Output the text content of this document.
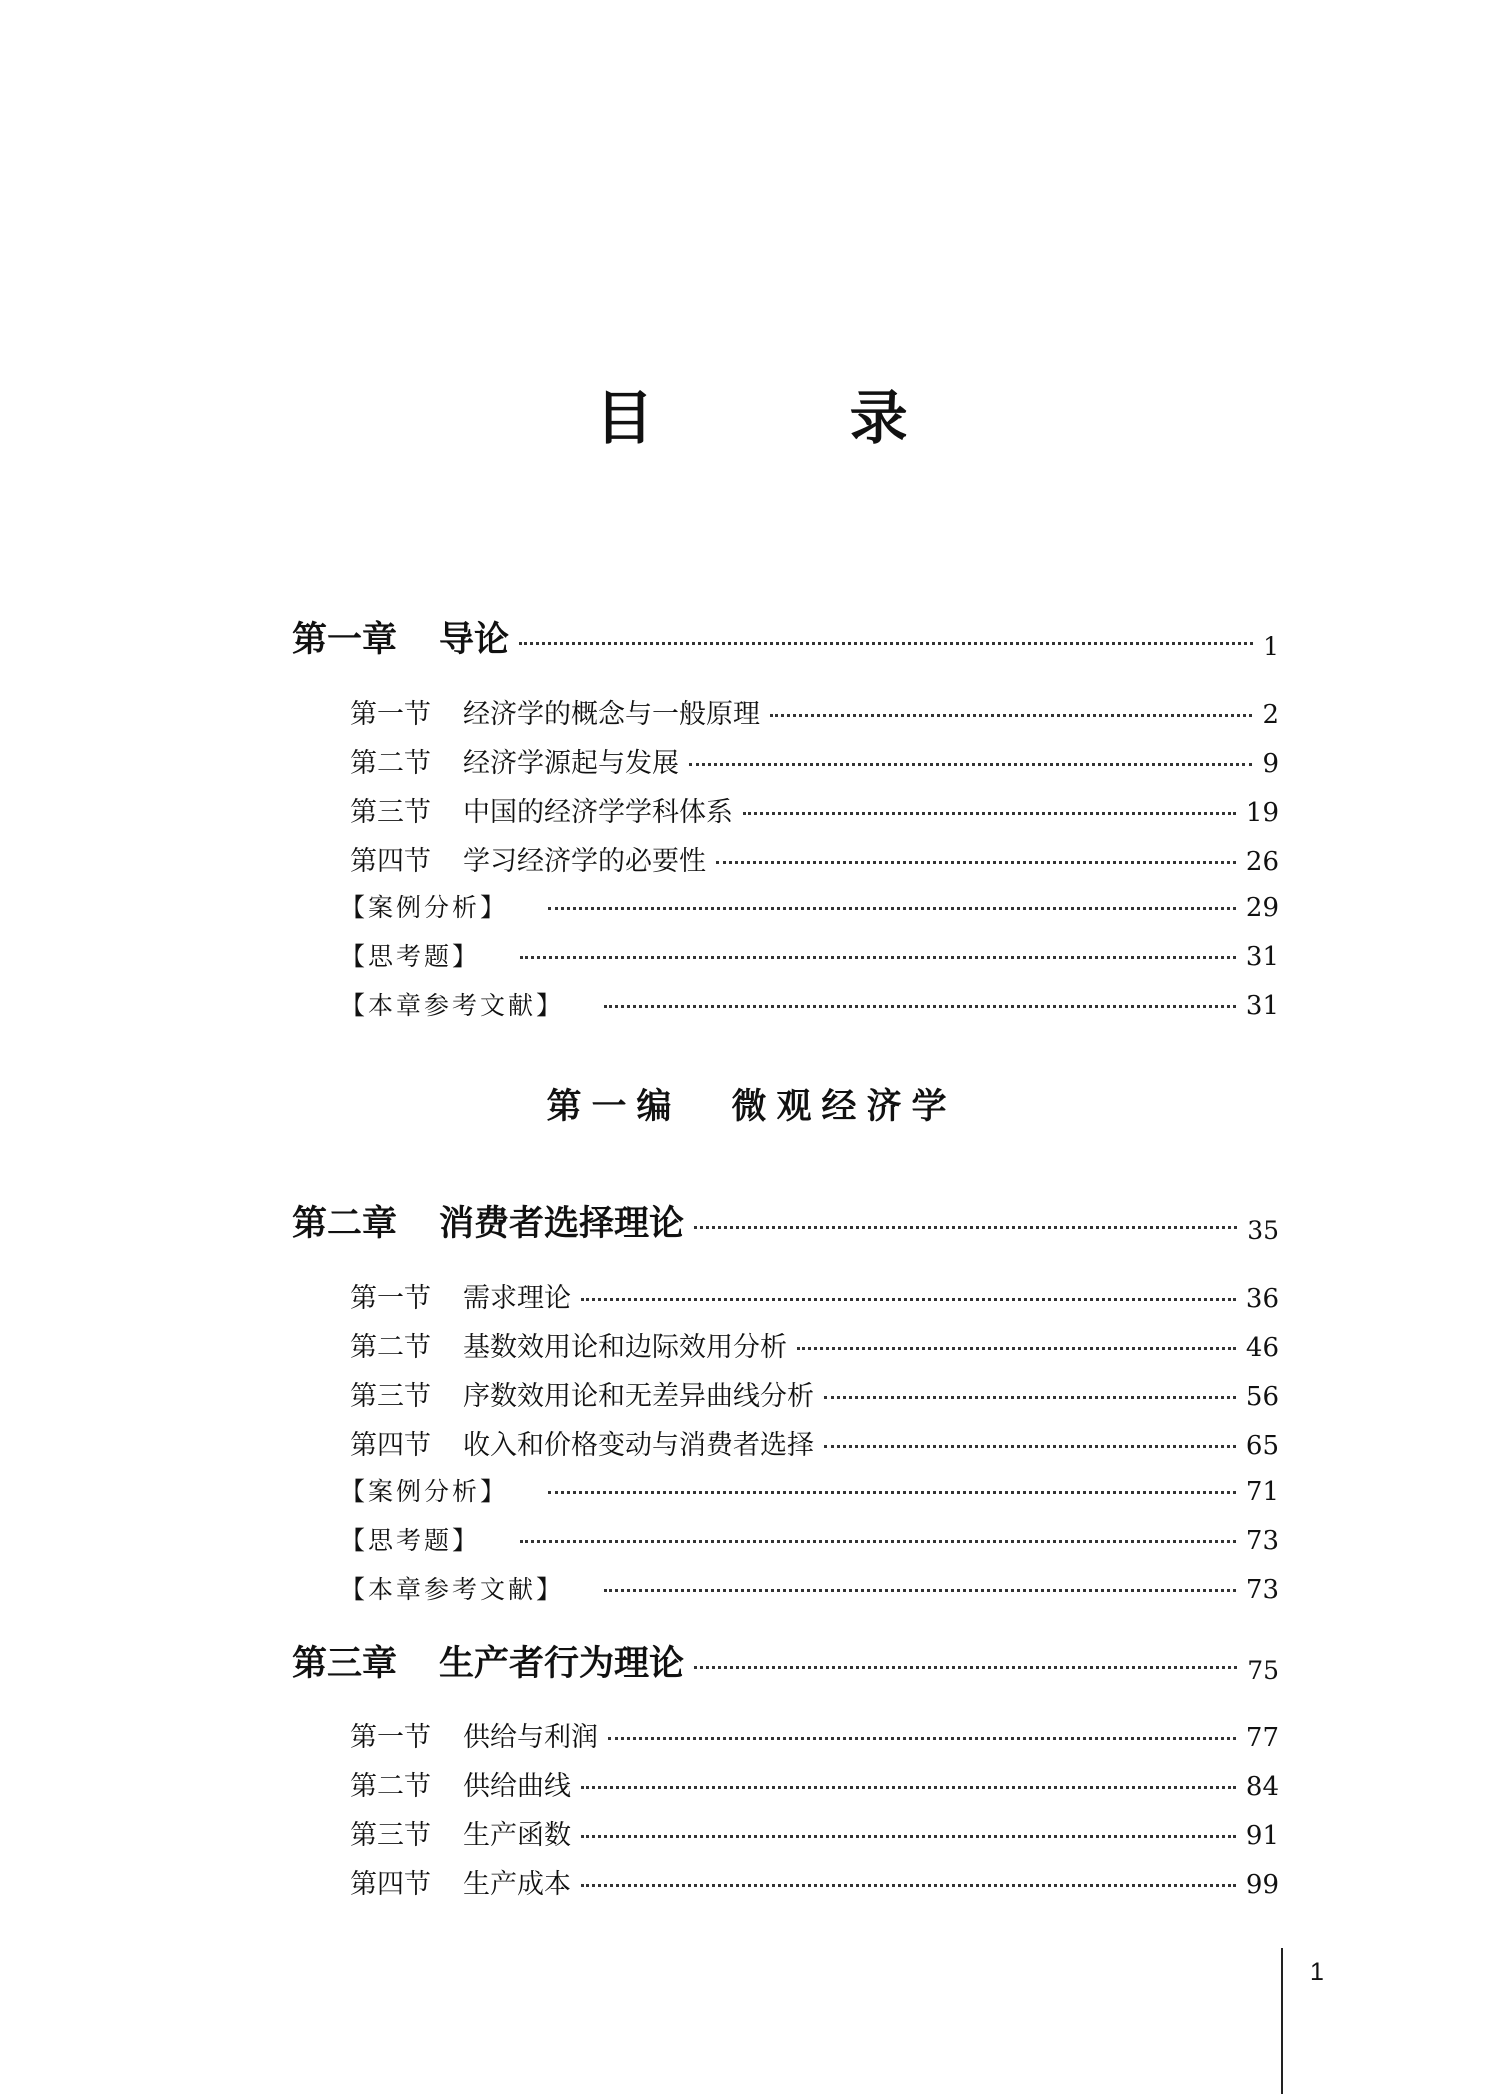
目 录
第一章 导论	1
第一节 经济学的概念与一般原理	2
第二节 经济学源起与发展	9
第三节 中国的经济学学科体系	19
第四节 学习经济学的必要性	26
【案例分析】	29
【思考题】	31
【本章参考文献】	31
第一编 微观经济学
第二章 消费者选择理论	35
第一节 需求理论	36
第二节 基数效用论和边际效用分析	46
第三节 序数效用论和无差异曲线分析	56
第四节 收入和价格变动与消费者选择	65
【案例分析】	71
【思考题】	73
【本章参考文献】	73
第三章 生产者行为理论	75
第一节 供给与利润	77
第二节 供给曲线	84
第三节 生产函数	91
第四节 生产成本	99
1
